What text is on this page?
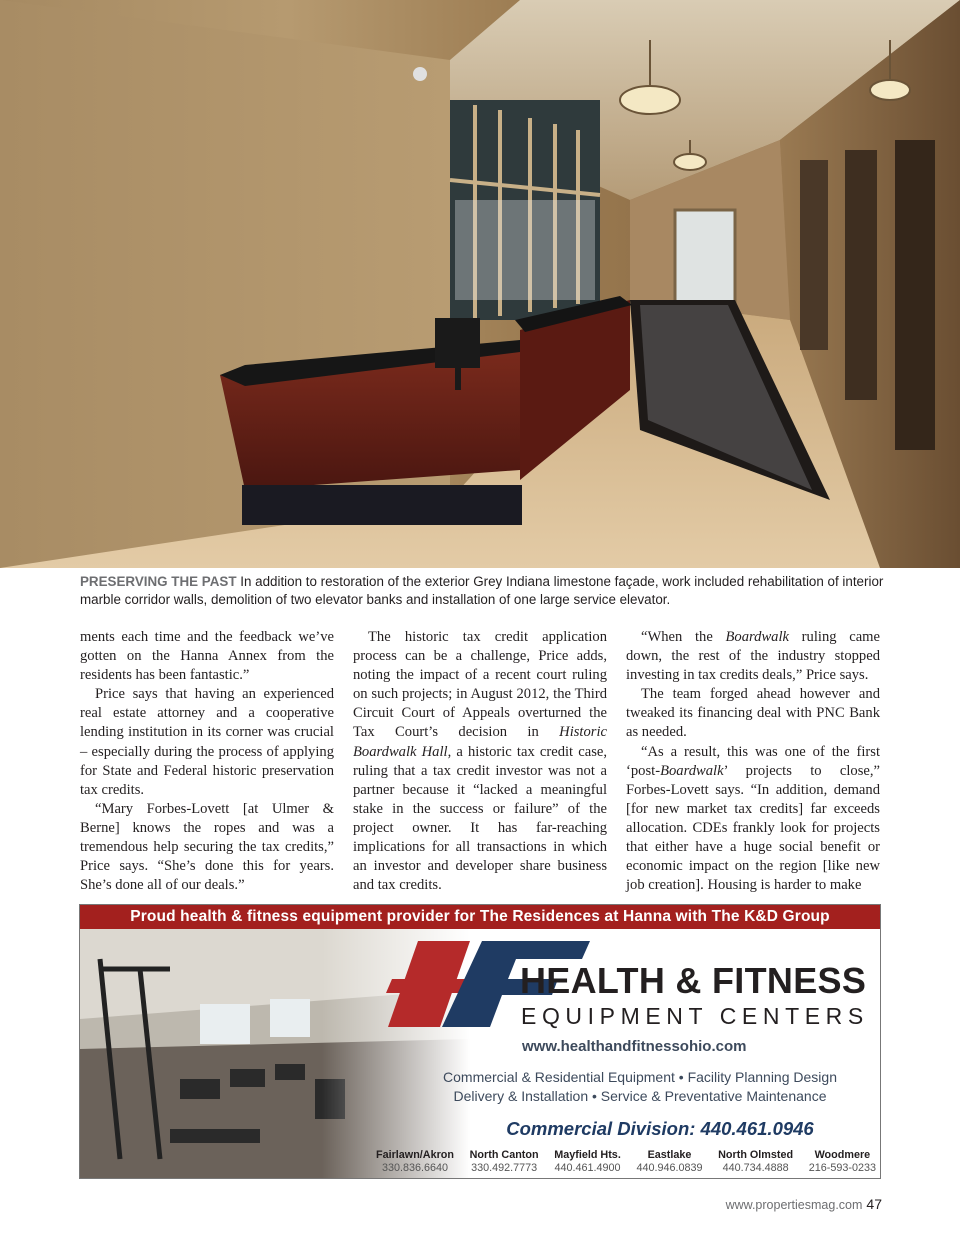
PRESERVING THE PAST In addition to restoration of the exterior Grey Indiana limestone façade, work included rehabilitation of interior marble corridor walls, demolition of two elevator banks and installation of one large service elevator.

ments each time and the feedback we’ve gotten on the Hanna Annex from the residents has been fantastic.”

Price says that having an experienced real estate attorney and a cooperative lending institution in its corner was crucial – especially during the process of applying for State and Federal historic preservation tax credits.

“Mary Forbes-Lovett [at Ulmer & Berne] knows the ropes and was a tremendous help securing the tax credits,” Price says. “She’s done this for years. She’s done all of our deals.”

The historic tax credit application process can be a challenge, Price adds, noting the impact of a recent court ruling on such projects; in August 2012, the Third Circuit Court of Appeals overturned the Tax Court’s decision in Historic Boardwalk Hall, a historic tax credit case, ruling that a tax credit investor was not a partner because it “lacked a meaningful stake in the success or failure” of the project owner. It has far-reaching implications for all transactions in which an investor and developer share business and tax credits.

“When the Boardwalk ruling came down, the rest of the industry stopped investing in tax credits deals,” Price says.

The team forged ahead however and tweaked its financing deal with PNC Bank as needed.

“As a result, this was one of the first ‘post-Boardwalk’ projects to close,” Forbes-Lovett says. “In addition, demand [for new market tax credits] far exceeds allocation. CDEs frankly look for projects that either have a huge social benefit or economic impact on the region [like new job creation]. Housing is harder to make

Proud health & fitness equipment provider for The Residences at Hanna with The K&D Group
HEALTH & FITNESS
EQUIPMENT CENTERS
www.healthandfitnessohio.com
Commercial & Residential Equipment • Facility Planning Design
Delivery & Installation • Service & Preventative Maintenance
Commercial Division: 440.461.0946
Fairlawn/Akron
330.836.6640
North Canton
330.492.7773
Mayfield Hts.
440.461.4900
Eastlake
440.946.0839
North Olmsted
440.734.4888
Woodmere
216-593-0233
www.propertiesmag.com 47
